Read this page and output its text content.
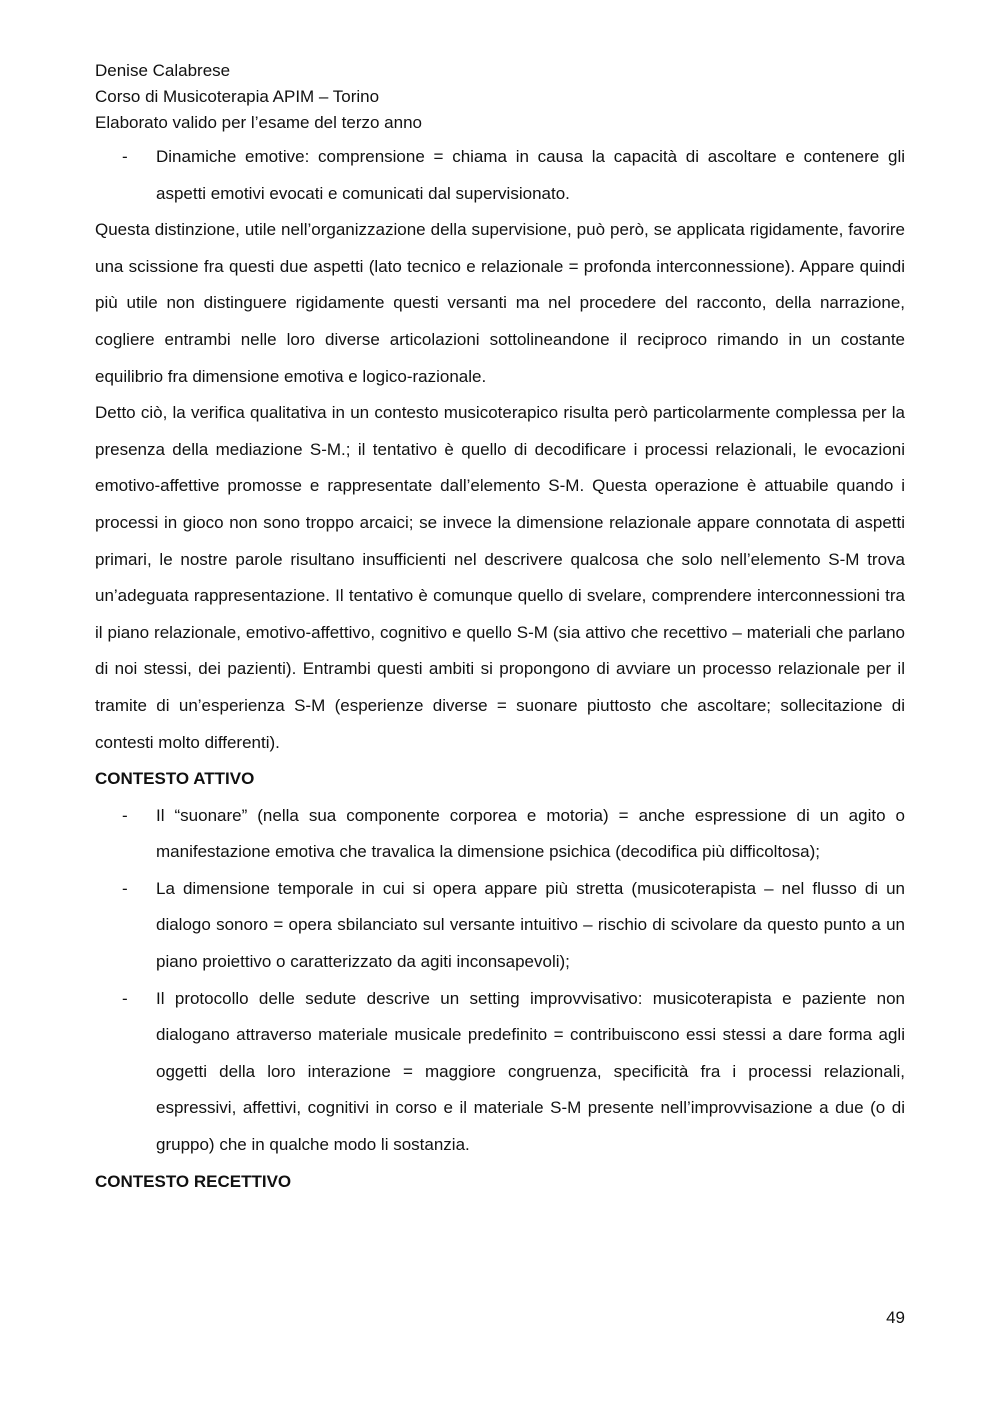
Denise Calabrese
Corso di Musicoterapia APIM – Torino
Elaborato valido per l’esame del terzo anno
- Dinamiche emotive: comprensione = chiama in causa la capacità di ascoltare e contenere gli aspetti emotivi evocati e comunicati dal supervisionato.

Questa distinzione, utile nell’organizzazione della supervisione, può però, se applicata rigidamente, favorire una scissione fra questi due aspetti (lato tecnico e relazionale = profonda interconnessione). Appare quindi più utile non distinguere rigidamente questi versanti ma nel procedere del racconto, della narrazione, cogliere entrambi nelle loro diverse articolazioni sottolineandone il reciproco rimando in un costante equilibrio fra dimensione emotiva e logico-razionale.

Detto ciò, la verifica qualitativa in un contesto musicoterapico risulta però particolarmente complessa per la presenza della mediazione S-M.; il tentativo è quello di decodificare i processi relazionali, le evocazioni emotivo-affettive promosse e rappresentate dall’elemento S-M. Questa operazione è attuabile quando i processi in gioco non sono troppo arcaici; se invece la dimensione relazionale appare connotata di aspetti primari, le nostre parole risultano insufficienti nel descrivere qualcosa che solo nell’elemento S-M trova un’adeguata rappresentazione. Il tentativo è comunque quello di svelare, comprendere interconnessioni tra il piano relazionale, emotivo-affettivo, cognitivo e quello S-M (sia attivo che recettivo – materiali che parlano di noi stessi, dei pazienti). Entrambi questi ambiti si propongono di avviare un processo relazionale per il tramite di un’esperienza S-M (esperienze diverse = suonare piuttosto che ascoltare; sollecitazione di contesti molto differenti).

CONTESTO ATTIVO

- Il “suonare” (nella sua componente corporea e motoria) = anche espressione di un agito o manifestazione emotiva che travalica la dimensione psichica (decodifica più difficoltosa);
- La dimensione temporale in cui si opera appare più stretta (musicoterapista – nel flusso di un dialogo sonoro = opera sbilanciato sul versante intuitivo – rischio di scivolare da questo punto a un piano proiettivo o caratterizzato da agiti inconsapevoli);
- Il protocollo delle sedute descrive un setting improvvisativo: musicoterapista e paziente non dialogano attraverso materiale musicale predefinito = contribuiscono essi stessi a dare forma agli oggetti della loro interazione = maggiore congruenza, specificità fra i processi relazionali, espressivi, affettivi, cognitivi in corso e il materiale S-M presente nell’improvvisazione a due (o di gruppo) che in qualche modo li sostanzia.

CONTESTO RECETTIVO

49
